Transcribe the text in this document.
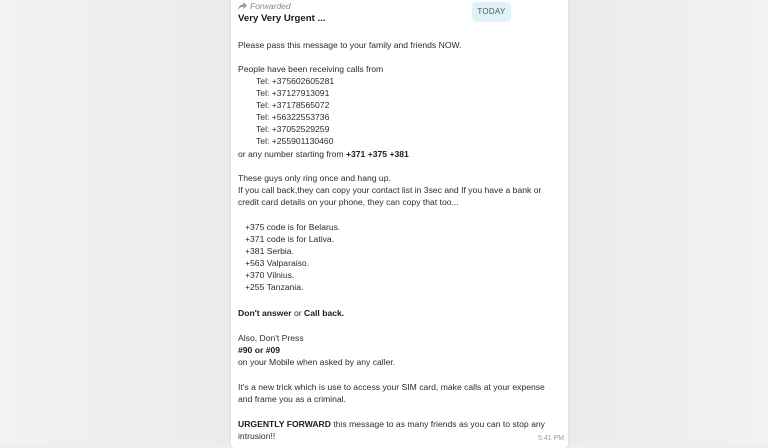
Forwarded
TODAY
Very Very Urgent ...
Please pass this message to your family and friends NOW.
People have been receiving calls from
Tel: +375602605281
Tel: +37127913091
Tel: +37178565072
Tel: +56322553736
Tel: +37052529259
Tel: +255901130460
or any number starting from +371 +375 +381
These guys only ring once and hang up.
If you call back,they can copy your contact list in 3sec and If you have a bank or
credit card details on your phone, they can copy that too...
+375 code is for Belarus.
+371 code is for Lativa.
+381 Serbia.
+563 Valparaiso.
+370 Vilnius.
+255 Tanzania.
Don't answer or Call back.
Also, Don't Press
#90 or #09
on your Mobile when asked by any caller.
It's a new trick which is use to access your SIM card, make calls at your expense
and frame you as a criminal.
URGENTLY FORWARD this message to as many friends as you can to stop any
intrusion!!	5:41 PM
